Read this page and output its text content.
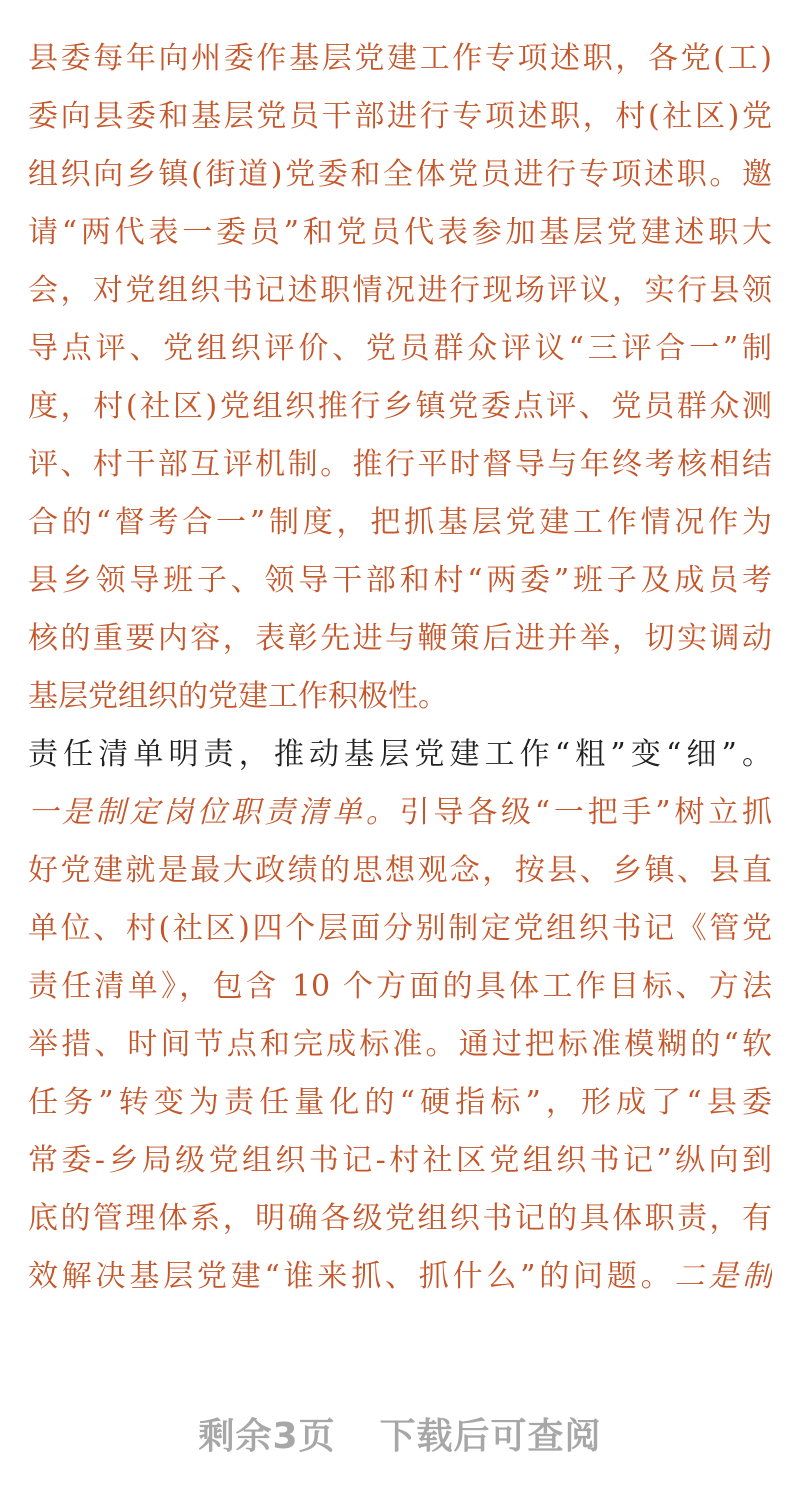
县委每年向州委作基层党建工作专项述职，各党(工)
委向县委和基层党员干部进行专项述职，村(社区)党
组织向乡镇(街道)党委和全体党员进行专项述职。邀
请“两代表一委员”和党员代表参加基层党建述职大
会，对党组织书记述职情况进行现场评议，实行县领
导点评、党组织评价、党员群众评议“三评合一”制
度，村(社区)党组织推行乡镇党委点评、党员群众测
评、村干部互评机制。推行平时督导与年终考核相结
合的“督考合一”制度，把抓基层党建工作情况作为
县乡领导班子、领导干部和村“两委”班子及成员考
核的重要内容，表彰先进与鞭策后进并举，切实调动
基层党组织的党建工作积极性。
责任清单明责，推动基层党建工作“粗”变“细”。
一是制定岗位职责清单。引导各级“一把手”树立抓
好党建就是最大政绩的思想观念，按县、乡镇、县直
单位、村(社区)四个层面分别制定党组织书记《管党
责任清单》，包含 10 个方面的具体工作目标、方法
举措、时间节点和完成标准。通过把标准模糊的“软
任务”转变为责任量化的“硬指标”，形成了“县委
常委-乡局级党组织书记-村社区党组织书记”纵向到
底的管理体系，明确各级党组织书记的具体职责，有
效解决基层党建“谁来抓、抓什么”的问题。二是制
剩余3页 下载后可查阅
